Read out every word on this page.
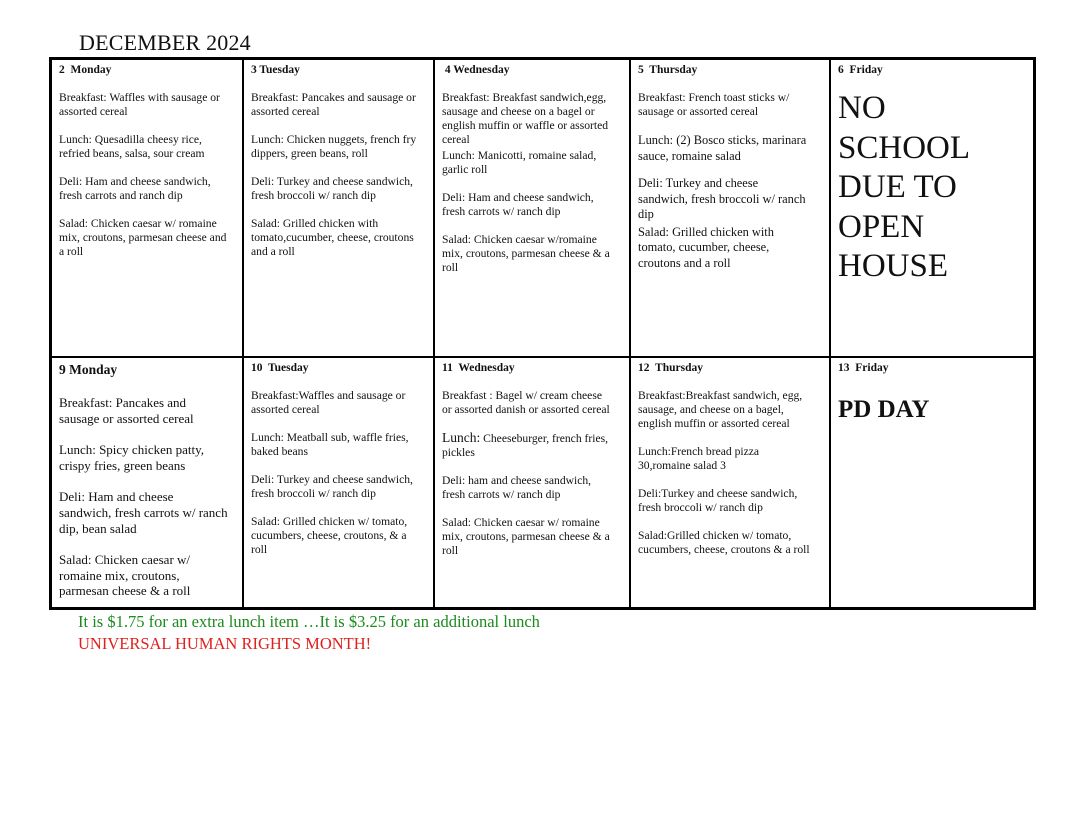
DECEMBER 2024
2  Monday
Breakfast: Waffles with sausage or
assorted cereal
Lunch: Quesadilla cheesy rice,
refried beans, salsa, sour cream
Deli: Ham and cheese sandwich,
fresh carrots and ranch dip
Salad: Chicken caesar w/ romaine
mix, croutons, parmesan cheese and
a roll
3 Tuesday
Breakfast: Pancakes and sausage or
assorted cereal
Lunch: Chicken nuggets, french fry
dippers, green beans, roll
Deli: Turkey and cheese sandwich,
fresh broccoli w/ ranch dip
Salad: Grilled chicken with
tomato,cucumber, cheese, croutons
and a roll
4 Wednesday
Breakfast: Breakfast sandwich,egg,
sausage and cheese on a bagel or
english muffin or waffle or assorted
cereal
Lunch: Manicotti, romaine salad,
garlic roll
Deli: Ham and cheese sandwich,
fresh carrots w/ ranch dip
Salad: Chicken caesar w/romaine
mix, croutons, parmesan cheese & a
roll
5  Thursday
Breakfast: French toast sticks w/
sausage or assorted cereal
Lunch: (2) Bosco sticks, marinara
sauce, romaine salad
Deli: Turkey and cheese
sandwich, fresh broccoli w/ ranch
dip
Salad: Grilled chicken with
tomato, cucumber, cheese,
croutons and a roll
6  Friday
NO
SCHOOL
DUE TO
OPEN
HOUSE
9 Monday
Breakfast: Pancakes and
sausage or assorted cereal
Lunch: Spicy chicken patty,
crispy fries, green beans
Deli: Ham and cheese
sandwich, fresh carrots w/ ranch
dip, bean salad
Salad: Chicken caesar w/
romaine mix, croutons,
parmesan cheese & a roll
10  Tuesday
Breakfast:Waffles and sausage or
assorted cereal
Lunch: Meatball sub, waffle fries,
baked beans
Deli: Turkey and cheese sandwich,
fresh broccoli w/ ranch dip
Salad: Grilled chicken w/ tomato,
cucumbers, cheese, croutons, & a
roll
11  Wednesday
Breakfast : Bagel w/ cream cheese
or assorted danish or assorted cereal
Lunch: Cheeseburger, french fries,
pickles
Deli: ham and cheese sandwich,
fresh carrots w/ ranch dip
Salad: Chicken caesar w/ romaine
mix, croutons, parmesan cheese & a
roll
12  Thursday
Breakfast:Breakfast sandwich, egg,
sausage, and cheese on a bagel,
english muffin or assorted cereal
Lunch:French bread pizza
30,romaine salad 3
Deli:Turkey and cheese sandwich,
fresh broccoli w/ ranch dip
Salad:Grilled chicken w/ tomato,
cucumbers, cheese, croutons & a roll
13  Friday
PD DAY
It is $1.75 for an extra lunch item …It is $3.25 for an additional lunch
UNIVERSAL HUMAN RIGHTS MONTH!
